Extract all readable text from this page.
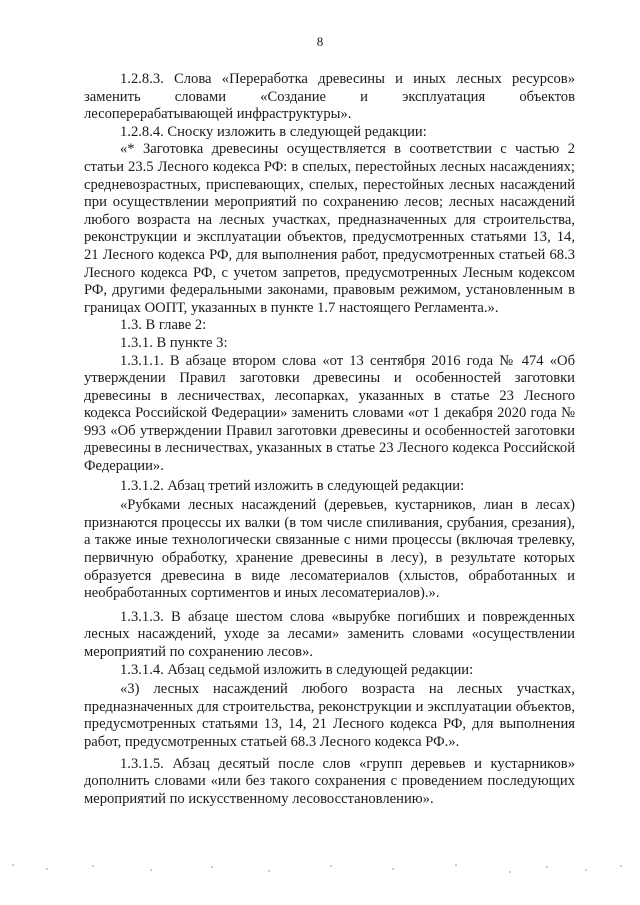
8

1.2.8.3. Слова «Переработка древесины и иных лесных ресурсов» заменить словами «Создание и эксплуатация объектов лесоперерабатывающей инфраструктуры».

1.2.8.4. Сноску изложить в следующей редакции:

«* Заготовка древесины осуществляется в соответствии с частью 2 статьи 23.5 Лесного кодекса РФ: в спелых, перестойных лесных насаждениях; средневозрастных, приспевающих, спелых, перестойных лесных насаждений при осуществлении мероприятий по сохранению лесов; лесных насаждений любого возраста на лесных участках, предназначенных для строительства, реконструкции и эксплуатации объектов, предусмотренных статьями 13, 14, 21 Лесного кодекса РФ, для выполнения работ, предусмотренных статьей 68.3 Лесного кодекса РФ, с учетом запретов, предусмотренных Лесным кодексом РФ, другими федеральными законами, правовым режимом, установленным в границах ООПТ, указанных в пункте 1.7 настоящего Регламента.».

1.3. В главе 2:

1.3.1. В пункте 3:

1.3.1.1. В абзаце втором слова «от 13 сентября 2016 года № 474 «Об утверждении Правил заготовки древесины и особенностей заготовки древесины в лесничествах, лесопарках, указанных в статье 23 Лесного кодекса Российской Федерации» заменить словами «от 1 декабря 2020 года № 993 «Об утверждении Правил заготовки древесины и особенностей заготовки древесины в лесничествах, указанных в статье 23 Лесного кодекса Российской Федерации».

1.3.1.2. Абзац третий изложить в следующей редакции:

«Рубками лесных насаждений (деревьев, кустарников, лиан в лесах) признаются процессы их валки (в том числе спиливания, срубания, срезания), а также иные технологически связанные с ними процессы (включая трелевку, первичную обработку, хранение древесины в лесу), в результате которых образуется древесина в виде лесоматериалов (хлыстов, обработанных и необработанных сортиментов и иных лесоматериалов).».

1.3.1.3. В абзаце шестом слова «вырубке погибших и поврежденных лесных насаждений, уходе за лесами» заменить словами «осуществлении мероприятий по сохранению лесов».

1.3.1.4. Абзац седьмой изложить в следующей редакции:

«3) лесных насаждений любого возраста на лесных участках, предназначенных для строительства, реконструкции и эксплуатации объектов, предусмотренных статьями 13, 14, 21 Лесного кодекса РФ, для выполнения работ, предусмотренных статьей 68.3 Лесного кодекса РФ.».

1.3.1.5. Абзац десятый после слов «групп деревьев и кустарников» дополнить словами «или без такого сохранения с проведением последующих мероприятий по искусственному лесовосстановлению».
